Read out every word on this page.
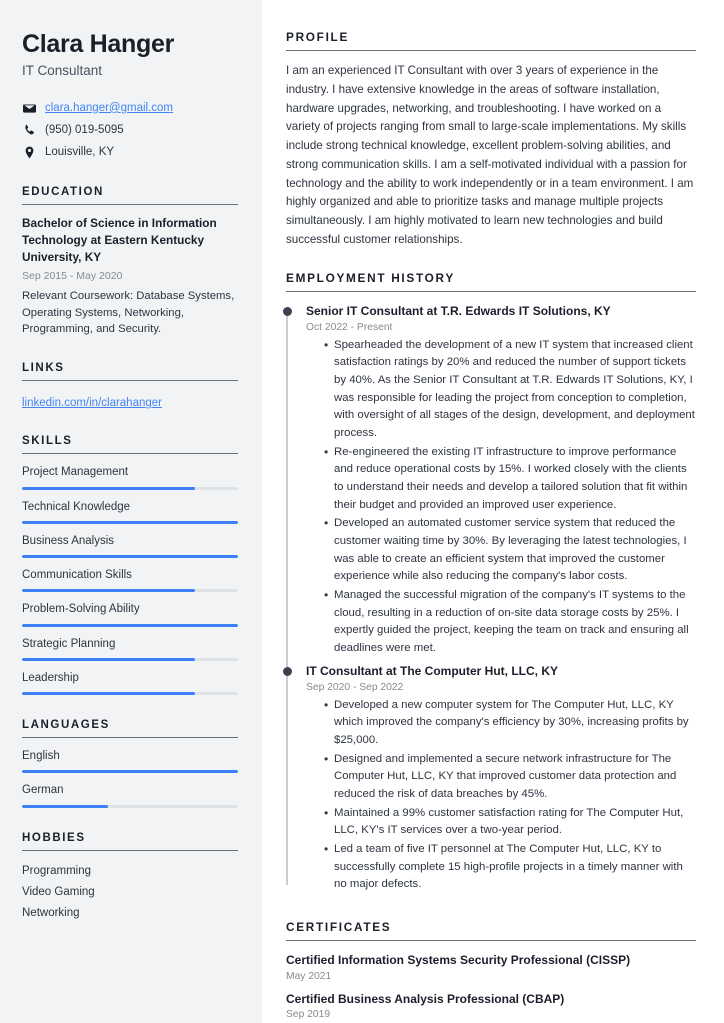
Clara Hanger
IT Consultant
clara.hanger@gmail.com
(950) 019-5095
Louisville, KY
EDUCATION
Bachelor of Science in Information Technology at Eastern Kentucky University, KY
Sep 2015 - May 2020
Relevant Coursework: Database Systems, Operating Systems, Networking, Programming, and Security.
LINKS
linkedin.com/in/clarahanger
SKILLS
Project Management
Technical Knowledge
Business Analysis
Communication Skills
Problem-Solving Ability
Strategic Planning
Leadership
LANGUAGES
English
German
HOBBIES
Programming
Video Gaming
Networking
PROFILE

I am an experienced IT Consultant with over 3 years of experience in the industry. I have extensive knowledge in the areas of software installation, hardware upgrades, networking, and troubleshooting. I have worked on a variety of projects ranging from small to large-scale implementations. My skills include strong technical knowledge, excellent problem-solving abilities, and strong communication skills. I am a self-motivated individual with a passion for technology and the ability to work independently or in a team environment. I am highly organized and able to prioritize tasks and manage multiple projects simultaneously. I am highly motivated to learn new technologies and build successful customer relationships.

EMPLOYMENT HISTORY
Senior IT Consultant at T.R. Edwards IT Solutions, KY
Oct 2022 - Present
• Spearheaded the development of a new IT system that increased client satisfaction ratings by 20% and reduced the number of support tickets by 40%. As the Senior IT Consultant at T.R. Edwards IT Solutions, KY, I was responsible for leading the project from conception to completion, with oversight of all stages of the design, development, and deployment process.
• Re-engineered the existing IT infrastructure to improve performance and reduce operational costs by 15%. I worked closely with the clients to understand their needs and develop a tailored solution that fit within their budget and provided an improved user experience.
• Developed an automated customer service system that reduced the customer waiting time by 30%. By leveraging the latest technologies, I was able to create an efficient system that improved the customer experience while also reducing the company's labor costs.
• Managed the successful migration of the company's IT systems to the cloud, resulting in a reduction of on-site data storage costs by 25%. I expertly guided the project, keeping the team on track and ensuring all deadlines were met.
IT Consultant at The Computer Hut, LLC, KY
Sep 2020 - Sep 2022
• Developed a new computer system for The Computer Hut, LLC, KY which improved the company's efficiency by 30%, increasing profits by $25,000.
• Designed and implemented a secure network infrastructure for The Computer Hut, LLC, KY that improved customer data protection and reduced the risk of data breaches by 45%.
• Maintained a 99% customer satisfaction rating for The Computer Hut, LLC, KY's IT services over a two-year period.
• Led a team of five IT personnel at The Computer Hut, LLC, KY to successfully complete 15 high-profile projects in a timely manner with no major defects.
CERTIFICATES
Certified Information Systems Security Professional (CISSP)
May 2021
Certified Business Analysis Professional (CBAP)
Sep 2019
